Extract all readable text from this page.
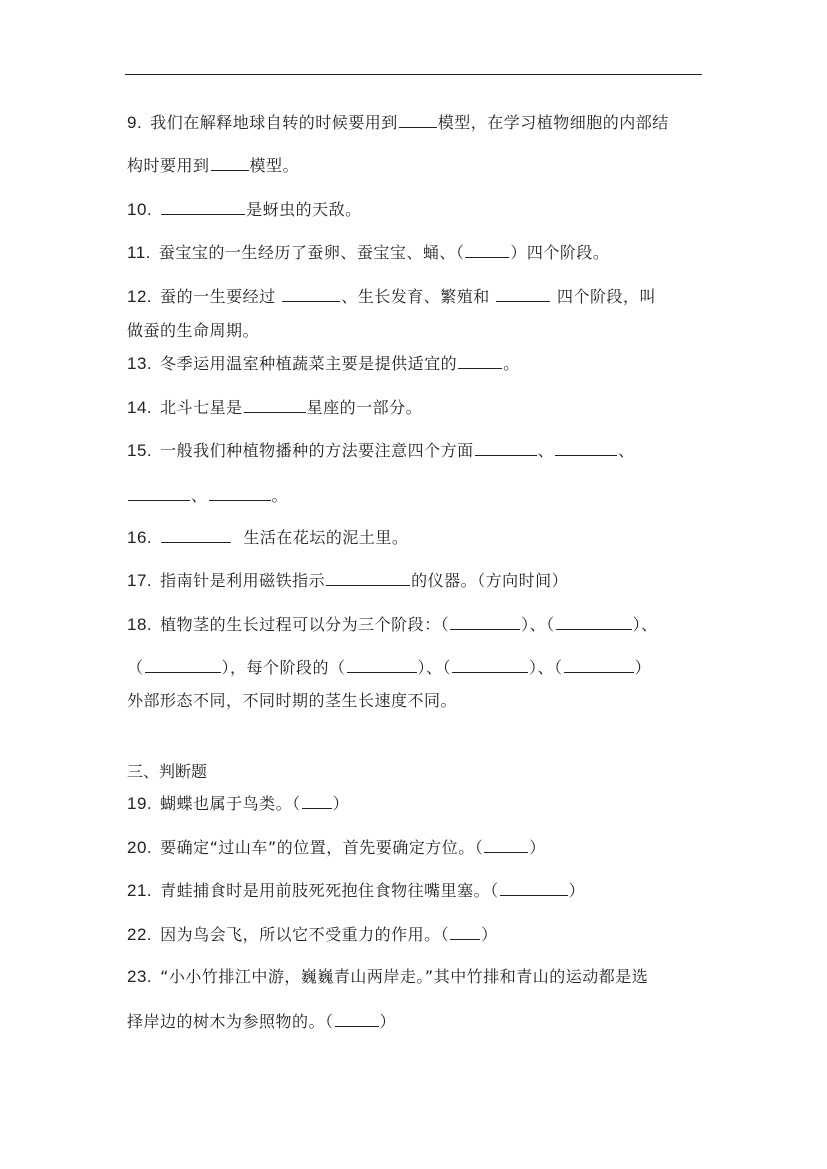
9. 我们在解释地球自转的时候要用到	模型，在学习植物细胞的内部结
构时要用到	模型。
10.	是蚜虫的天敌。
11. 蚕宝宝的一生经历了蚕卵、蚕宝宝、蛹、（	）四个阶段。
12. 蚕的一生要经过	、生长发育、繁殖和	四个阶段，叫
做蚕的生命周期。
13. 冬季运用温室种植蔬菜主要是提供适宜的	。
14. 北斗七星是	星座的一部分。
15. 一般我们种植物播种的方法要注意四个方面	、	、
、	。
16.	生活在花坛的泥土里。
17. 指南针是利用磁铁指示	的仪器。（方向时间）
18. 植物茎的生长过程可以分为三个阶段：（	）、（	）、
（	），每个阶段的（	）、（	）、（	）
外部形态不同，不同时期的茎生长速度不同。
三、判断题
19. 蝴蝶也属于鸟类。（ ）
20. 要确定“过山车”的位置，首先要确定方位。（	）
21. 青蛙捕食时是用前肢死死抱住食物往嘴里塞。（	）
22. 因为鸟会飞，所以它不受重力的作用。（ ）
23. “小小竹排江中游，巍巍青山两岸走。”其中竹排和青山的运动都是选
择岸边的树木为参照物的。（	）
